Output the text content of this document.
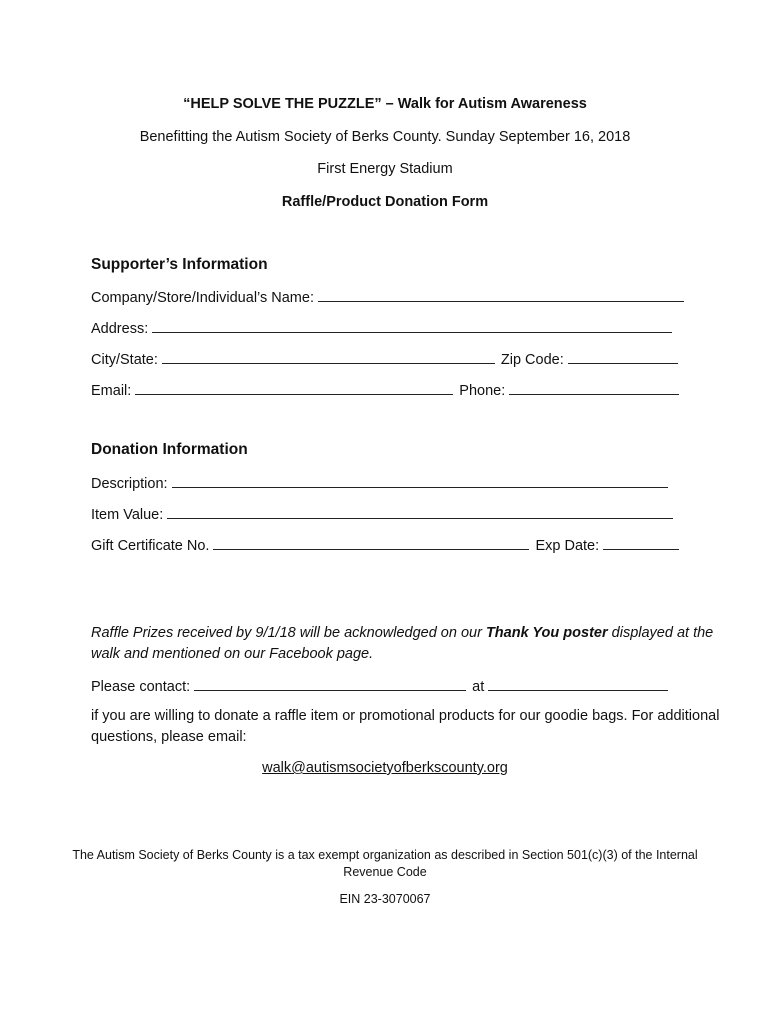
“HELP SOLVE THE PUZZLE” – Walk for Autism Awareness
Benefitting the Autism Society of Berks County. Sunday September 16, 2018
First Energy Stadium
Raffle/Product Donation Form
Supporter’s Information
Company/Store/Individual’s Name:
Address:
City/State:	Zip Code:
Email:	Phone:
Donation Information
Description:
Item Value:
Gift Certificate No.	Exp Date:
Raffle Prizes received by 9/1/18 will be acknowledged on our Thank You poster displayed at the
walk and mentioned on our Facebook page.
Please contact:	at
if you are willing to donate a raffle item or promotional products for our goodie bags. For additional
questions, please email:
walk@autismsocietyofberkscounty.org
The Autism Society of Berks County is a tax exempt organization as described in Section 501(c)(3) of the Internal
Revenue Code
EIN 23-3070067
